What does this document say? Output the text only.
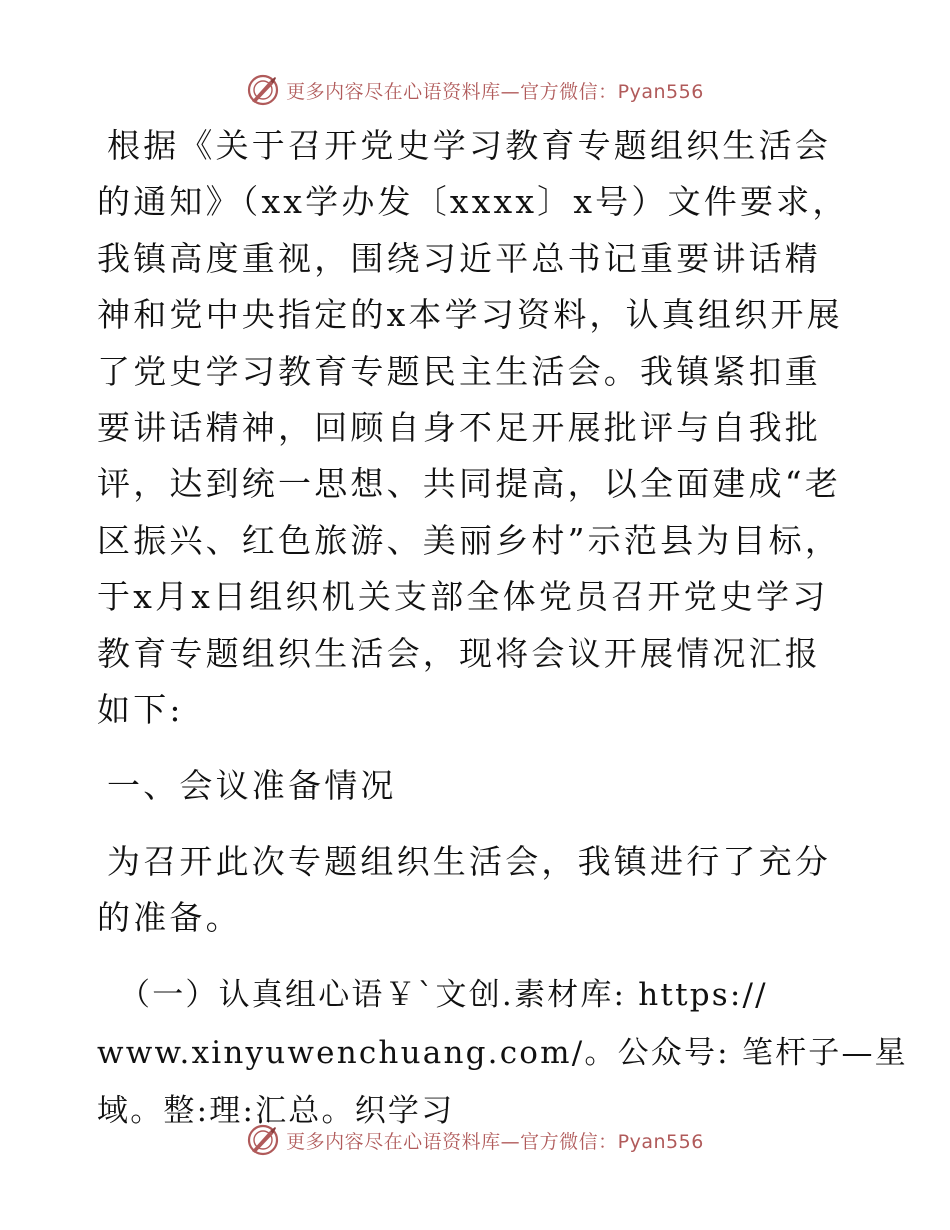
更多内容尽在心语资料库—官方微信：Pyan556

根据《关于召开党史学习教育专题组织生活会的通知》（xx学办发〔xxxx〕x号）文件要求，我镇高度重视，围绕习近平总书记重要讲话精神和党中央指定的x本学习资料，认真组织开展了党史学习教育专题民主生活会。我镇紧扣重要讲话精神，回顾自身不足开展批评与自我批评，达到统一思想、共同提高，以全面建成“老区振兴、红色旅游、美丽乡村”示范县为目标，于x月x日组织机关支部全体党员召开党史学习教育专题组织生活会，现将会议开展情况汇报如下:

一、会议准备情况

为召开此次专题组织生活会，我镇进行了充分的准备。

（一）认真组心语￥`文创.素材库: https://
www.xinyuwenchuang.com/。公众号: 笔杆子—星
域。整:理:汇总。织学习

更多内容尽在心语资料库—官方微信：Pyan556
